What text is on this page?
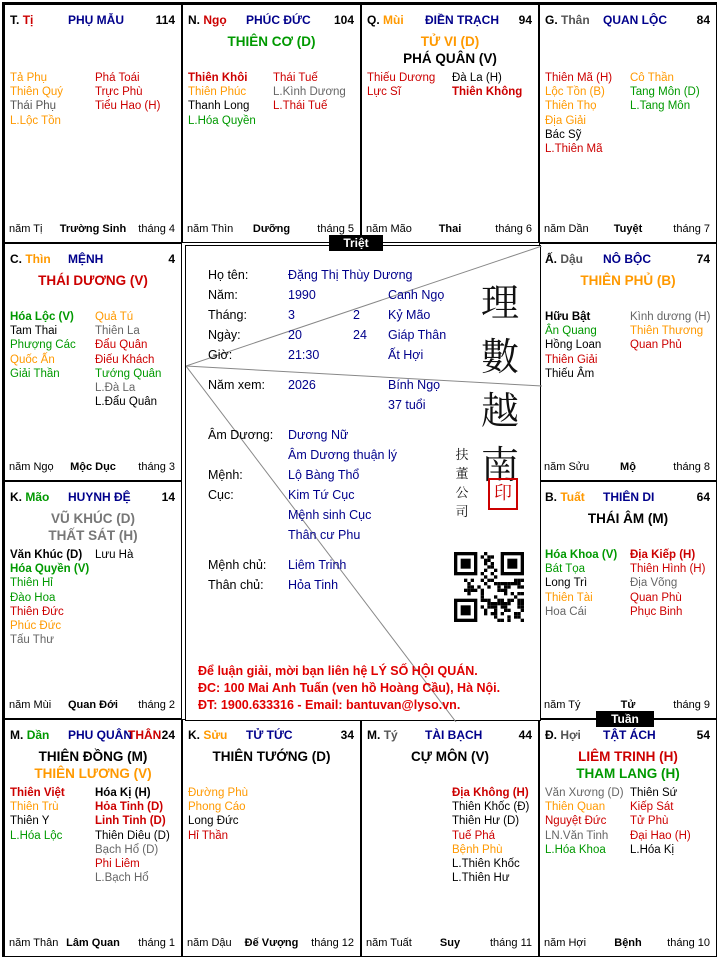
T. Tị	PHỤ MẪU	114
Tả Phụ
Thiên Quý
Thái Phụ
L.Lộc Tồn
Phá Toái
Trực Phù
Tiểu Hao (H)
năm Tị	Trường Sinh	tháng 4
N. Ngọ PHÚC ĐỨC 104
THIÊN CƠ (D)
Thiên Khôi
Thiên Phúc
Thanh Long
L.Hóa Quyền
Thái Tuế
L.Kình Dương
L.Thái Tuế
năm Thìn	Dưỡng	tháng 5
Q. Mùi ĐIỀN TRẠCH 94
TỬ VI (D)
PHÁ QUÂN (V)
Thiếu Dương
Lực Sĩ
Đà La (H)
Thiên Không
năm Mão	Thai	tháng 6
G. Thân QUAN LỘC 84
Thiên Mã (H)
Lộc Tồn (B)
Thiên Thọ
Địa Giải
Bác Sỹ
L.Thiên Mã
Cô Thần
Tang Môn (D)
L.Tang Môn
năm Dần	Tuyệt	tháng 7
C. Thìn MỆNH	4
THÁI DƯƠNG (V)
Hóa Lộc (V)
Tam Thai
Phượng Các
Quốc Ấn
Giải Thần
Quả Tú
Thiên La
Đẩu Quân
Điếu Khách
Tướng Quân
L.Đà La
L.Đẩu Quân
năm Ngọ	Mộc Dục	tháng 3
Ấ. Dậu NÔ BỘC	74
THIÊN PHỦ (B)
Hữu Bật
Ân Quang
Hồng Loan
Thiên Giải
Thiếu Âm
Kình dương (H)
Thiên Thương
Quan Phủ
năm Sửu	Mộ	tháng 8
K. Mão HUYNH ĐỆ	14
VŨ KHÚC (D)
THẤT SÁT (H)
Văn Khúc (D)
Hóa Quyền (V)
Thiên Hỉ
Đào Hoa
Thiên Đức
Phúc Đức
Tấu Thư
Lưu Hà
năm Mùi	Quan Đới	tháng 2
B. Tuất THIÊN DI	64
THÁI ÂM (M)
Hóa Khoa (V)
Bát Tọa
Long Trì
Thiên Tài
Hoa Cái
Địa Kiếp (H)
Thiên Hình (H)
Địa Võng
Quan Phù
Phục Binh
năm Tý	Tử	tháng 9
M. Dần PHU QUÂN
THÂN 24
THIÊN ĐỒNG (M)
THIÊN LƯƠNG (V)
Thiên Việt
Thiên Trù
Thiên Y
L.Hóa Lộc
Hóa Kị (H)
Hỏa Tinh (D)
Linh Tinh (D)
Thiên Diêu (D)
Bạch Hổ (D)
Phi Liêm
L.Bạch Hổ
năm Thân Lâm Quan	tháng 1
K. Sửu TỬ TỨC	34
THIÊN TƯỚNG (D)
Đường Phù
Phong Cáo
Long Đức
Hỉ Thần
năm Dậu	Đế Vượng	tháng 12
M. Tý TÀI BẠCH	44
CỰ MÔN (V)
Địa Không (H)
Thiên Khốc (Đ)
Thiên Hư (D)
Tuế Phá
Bệnh Phù
L.Thiên Khốc
L.Thiên Hư
năm Tuất	Suy	tháng 11
Đ. Hợi TẬT ÁCH	54
LIÊM TRINH (H)
THAM LANG (H)
Văn Xương (D)
Thiên Quan
Nguyệt Đức
LN.Văn Tinh
L.Hóa Khoa
Thiên Sứ
Kiếp Sát
Tử Phù
Đại Hao (H)
L.Hóa Kị
năm Hợi	Bệnh	tháng 10
Họ tên:	Đặng Thị Thùy Dương
Năm:	1990	Canh Ngọ
Tháng:	3	2 Kỷ Mão
Ngày:	20	24 Giáp Thân
Giờ:	21:30	Ất Hợi
Năm xem: 2026	Bính Ngọ
37 tuổi
Âm Dương: Dương Nữ
Âm Dương thuận lý
Mệnh:	Lộ Bàng Thổ
Cục:	Kim Tứ Cục
Mệnh sinh Cục
Thân cư Phu
Mệnh chủ: Liêm Trinh
Thân chủ: Hỏa Tinh
理
數
越
南
扶
董
公
司
印
Để luận giải, mời bạn liên hệ LÝ SỐ HỘI QUÁN.
ĐC: 100 Mai Anh Tuấn (ven hồ Hoàng Cầu), Hà Nội.
ĐT: 1900.633316 - Email: bantuvan@lyso.vn.
Triệt
Tuần
